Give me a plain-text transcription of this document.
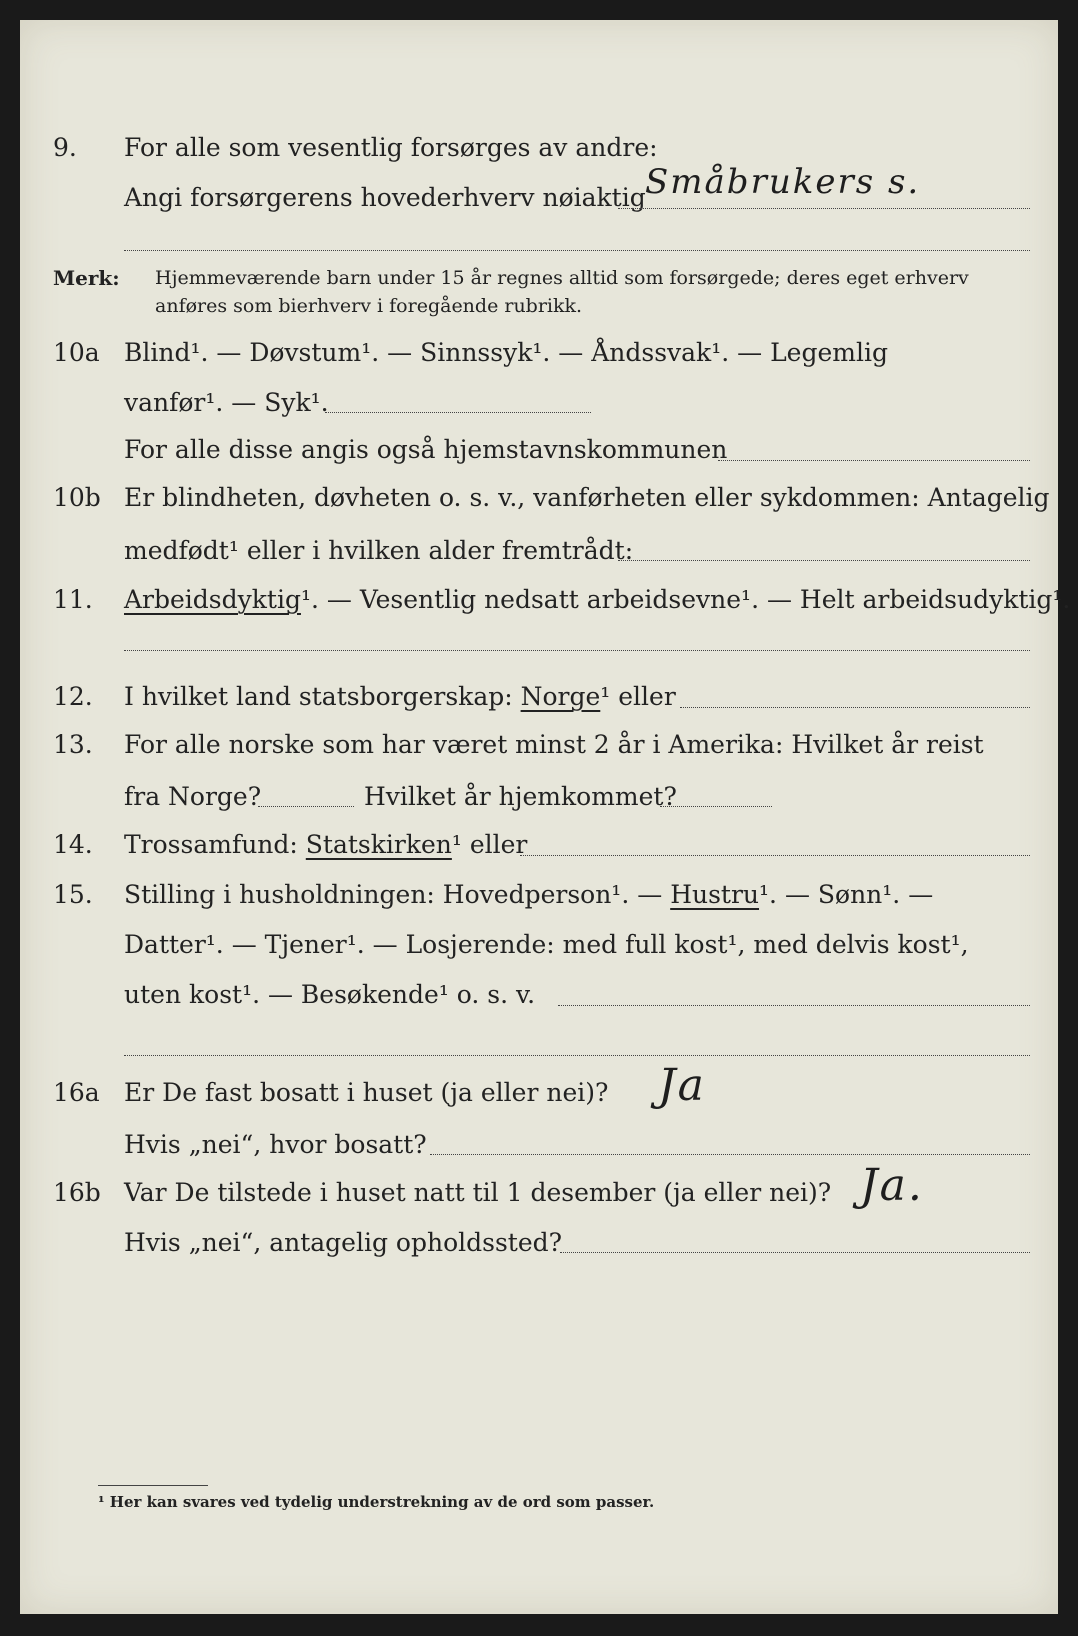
9. For alle som vesentlig forsørges av andre:
Angi forsørgerens hovederhverv nøiaktig Småbrukers s.
Merk: Hjemmeværende barn under 15 år regnes alltid som forsørgede; deres eget erhverv
anføres som bierhverv i foregående rubrikk.
10a Blind¹. — Døvstum¹. — Sinnssyk¹. — Åndssvak¹. — Legemlig
vanfør¹. — Syk¹.
For alle disse angis også hjemstavnskommunen
10b Er blindheten, døvheten o. s. v., vanførheten eller sykdommen: Antagelig
medfødt¹ eller i hvilken alder fremtrådt:
11. Arbeidsdyktig¹. — Vesentlig nedsatt arbeidsevne¹. — Helt arbeidsudyktig¹.
12. I hvilket land statsborgerskap: Norge¹ eller
13. For alle norske som har været minst 2 år i Amerika: Hvilket år reist
fra Norge?	Hvilket år hjemkommet?
14. Trossamfund: Statskirken¹ eller
15. Stilling i husholdningen: Hovedperson¹. — Hustru¹. — Sønn¹. —
Datter¹. — Tjener¹. — Losjerende: med full kost¹, med delvis kost¹,
uten kost¹. — Besøkende¹ o. s. v.
16a Er De fast bosatt i huset (ja eller nei)? Ja
Hvis „nei“, hvor bosatt?
16b Var De tilstede i huset natt til 1 desember (ja eller nei)? Ja.
Hvis „nei“, antagelig opholdssted?
¹ Her kan svares ved tydelig understrekning av de ord som passer.
